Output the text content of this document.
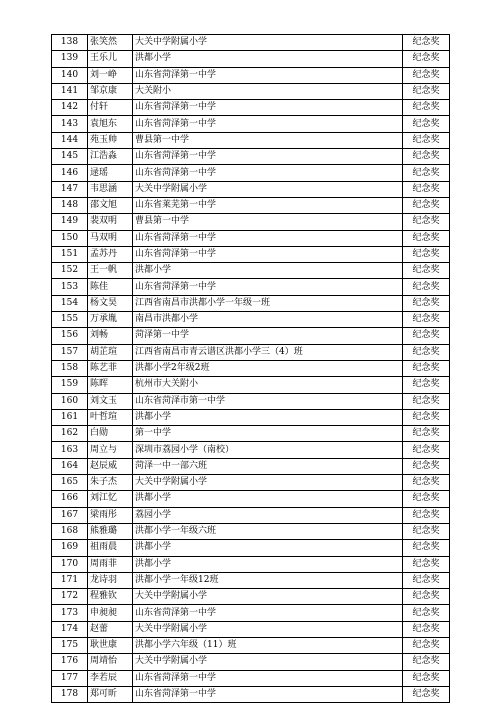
138	张笑然	大关中学附属小学	纪念奖
139	王乐儿	洪都小学	纪念奖
140	刘一峥	山东省菏泽第一中学	纪念奖
141	邹京康	大关附小	纪念奖
142	付轩	山东省菏泽第一中学	纪念奖
143	袁旭东	山东省菏泽第一中学	纪念奖
144	苑玉帅	曹县第一中学	纪念奖
145	江浩淼	山东省菏泽第一中学	纪念奖
146	逯瑶	山东省菏泽第一中学	纪念奖
147	韦思涵	大关中学附属小学	纪念奖
148	邵文旭	山东省莱芜第一中学	纪念奖
149	裴双明	曹县第一中学	纪念奖
150	马双明	山东省菏泽第一中学	纪念奖
151	孟苏丹	山东省菏泽第一中学	纪念奖
152	王一帆	洪都小学	纪念奖
153	陈佳	山东省菏泽第一中学	纪念奖
154	杨文昊	江西省南昌市洪都小学一年级一班	纪念奖
155	万承胤	南昌市洪都小学	纪念奖
156	刘畅	菏泽第一中学	纪念奖
157	胡芷瑄	江西省南昌市青云谱区洪都小学三（4）班	纪念奖
158	陈艺菲	洪都小学2年级2班	纪念奖
159	陈晖	杭州市大关附小	纪念奖
160	刘文玉	山东省菏泽市第一中学	纪念奖
161	叶哲瑄	洪都小学	纪念奖
162	白勋	第一中学	纪念奖
163	周立与	深圳市荔园小学（南校）	纪念奖
164	赵辰威	菏泽一中一部六班	纪念奖
165	朱子杰	大关中学附属小学	纪念奖
166	刘江忆	洪都小学	纪念奖
167	梁雨彤	荔园小学	纪念奖
168	熊雅璐	洪都小学一年级六班	纪念奖
169	祖雨晨	洪都小学	纪念奖
170	周雨菲	洪都小学	纪念奖
171	龙诗羽	洪都小学一年级12班	纪念奖
172	程雅钦	大关中学附属小学	纪念奖
173	申昶昶	山东省菏泽第一中学	纪念奖
174	赵蕾	大关中学附属小学	纪念奖
175	耿世康	洪都小学六年级（11）班	纪念奖
176	周靖怡	大关中学附属小学	纪念奖
177	李若辰	山东省菏泽第一中学	纪念奖
178	郑可昕	山东省菏泽第一中学	纪念奖
